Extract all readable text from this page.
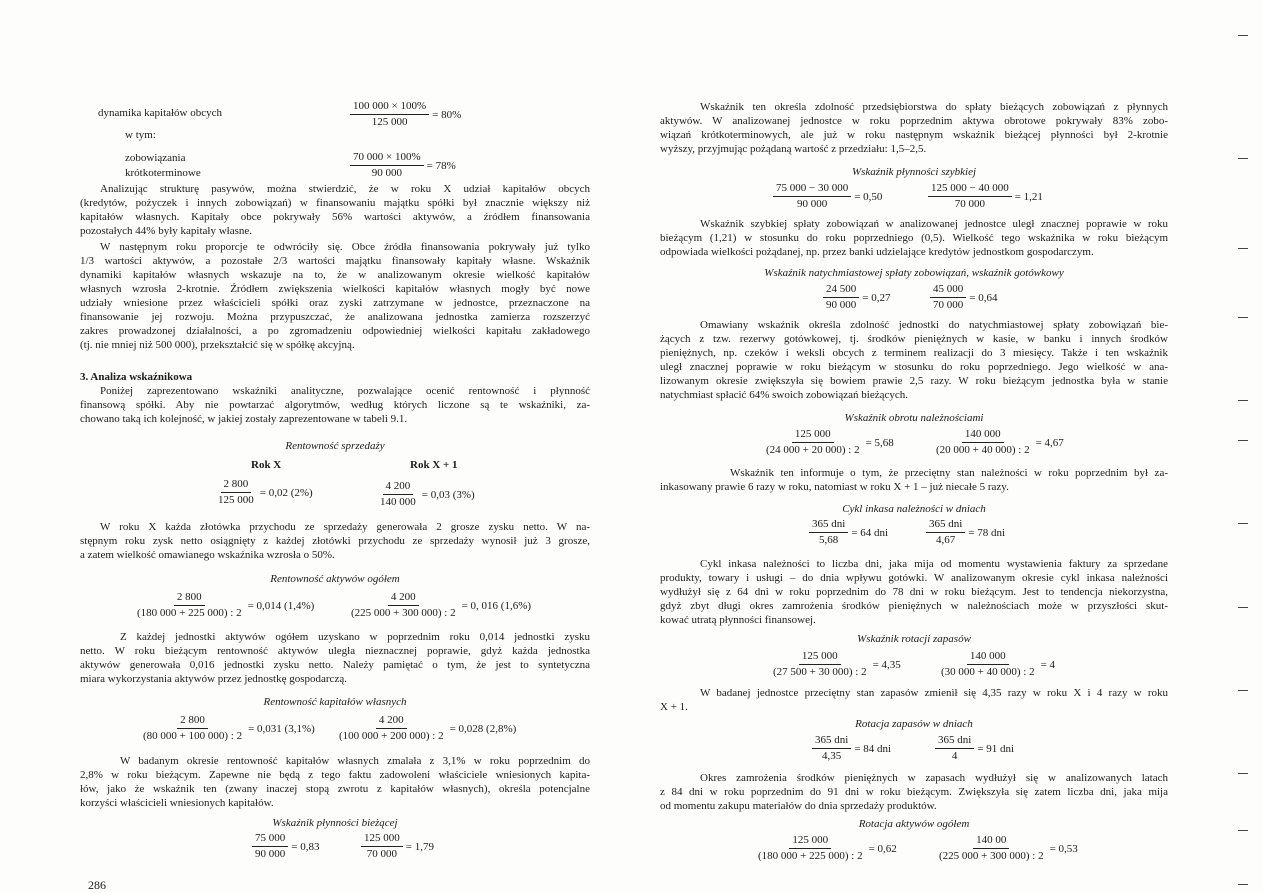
dynamika kapitałów obcych	$\frac{100 000 \times 100\%}{125 000} = 80\%$
w tym:
zobowiązania
krótkoterminowe	$\frac{70 000 \times 100\%}{90 000} = 78\%$
Analizując strukturę pasywów, można stwierdzić, że w roku X udział kapitałów obcych
(kredytów, pożyczek i innych zobowiązań) w finansowaniu majątku spółki był znacznie większy niż
kapitałów własnych. Kapitały obce pokrywały 56% wartości aktywów, a źródłem finansowania
pozostałych 44% były kapitały własne.
W następnym roku proporcje te odwróciły się. Obce źródła finansowania pokrywały już tylko
1/3 wartości aktywów, a pozostałe 2/3 wartości majątku finansowały kapitały własne. Wskaźnik
dynamiki kapitałów własnych wskazuje na to, że w analizowanym okresie wielkość kapitałów
własnych wzrosła 2-krotnie. Źródłem zwiększenia wielkości kapitałów własnych mogły być nowe
udziały wniesione przez właścicieli spółki oraz zyski zatrzymane w jednostce, przeznaczone na
finansowanie jej rozwoju. Można przypuszczać, że analizowana jednostka zamierza rozszerzyć
zakres prowadzonej działalności, a po zgromadzeniu odpowiedniej wielkości kapitału zakładowego
(tj. nie mniej niż 500 000), przekształcić się w spółkę akcyjną.
3. Analiza wskaźnikowa
Poniżej zaprezentowano wskaźniki analityczne, pozwalające ocenić rentowność i płynność
finansową spółki. Aby nie powtarzać algorytmów, według których liczone są te wskaźniki, za-
chowano taką ich kolejność, w jakiej zostały zaprezentowane w tabeli 9.1.
Rentowność sprzedaży
Rok X	Rok X + 1
$\frac{2 800}{125 000} = 0,02$ (2%)	$\frac{4 200}{140 000} = 0,03$ (3%)
W roku X każda złotówka przychodu ze sprzedaży generowała 2 grosze zysku netto. W na-
stępnym roku zysk netto osiągnięty z każdej złotówki przychodu ze sprzedaży wynosił już 3 grosze,
a zatem wielkość omawianego wskaźnika wzrosła o 50%.
Rentowność aktywów ogółem
$\frac{2 800}{(180 000 + 225 000) : 2} = 0,014$ (1,4%)	$\frac{4 200}{(225 000 + 300 000) : 2} = 0$, 016 (1,6%)
Z każdej jednostki aktywów ogółem uzyskano w poprzednim roku 0,014 jednostki zysku
netto. W roku bieżącym rentowność aktywów uległa nieznacznej poprawie, gdyż każda jednostka
aktywów generowała 0,016 jednostki zysku netto. Należy pamiętać o tym, że jest to syntetyczna
miara wykorzystania aktywów przez jednostkę gospodarczą.
Rentowność kapitałów własnych
$\frac{2 800}{(80 000 + 100 000) : 2} = 0,031$ $(3,1\%) \frac{4 200}{(100 000 + 200 000) : 2} = 0,028$ (2,8%)
W badanym okresie rentowność kapitałów własnych zmalała z 3,1% w roku poprzednim do
2,8% w roku bieżącym. Zapewne nie będą z tego faktu zadowoleni właściciele wniesionych kapita-
łów, jako że wskaźnik ten (zwany inaczej stopą zwrotu z kapitałów własnych), określa potencjalne
korzyści właścicieli wniesionych kapitałów.
Wskaźnik płynności bieżącej
$\frac{75 000}{90 000} = 0,83$	$\frac{125 000}{70 000} = 1,79$
286
Wskaźnik ten określa zdolność przedsiębiorstwa do spłaty bieżących zobowiązań z płynnych
aktywów. W analizowanej jednostce w roku poprzednim aktywa obrotowe pokrywały 83% zobo-
wiązań krótkoterminowych, ale już w roku następnym wskaźnik bieżącej płynności był 2-krotnie
wyższy, przyjmując pożądaną wartość z przedziału: 1,5–2,5.
Wskaźnik płynności szybkiej
$\frac{75 000 - 30 000}{90 000} = 0,50$	$\frac{125 000 - 40 000}{70 000} = 1,21$
Wskaźnik szybkiej spłaty zobowiązań w analizowanej jednostce uległ znacznej poprawie w roku
bieżącym (1,21) w stosunku do roku poprzedniego (0,5). Wielkość tego wskaźnika w roku bieżącym
odpowiada wielkości pożądanej, np. przez banki udzielające kredytów jednostkom gospodarczym.
Wskaźnik natychmiastowej spłaty zobowiązań, wskaźnik gotówkowy
$\frac{24 500}{90 000} = 0,27$	$\frac{45 000}{70 000} = 0,64$
Omawiany wskaźnik określa zdolność jednostki do natychmiastowej spłaty zobowiązań bie-
żących z tzw. rezerwy gotówkowej, tj. środków pieniężnych w kasie, w banku i innych środków
pieniężnych, np. czeków i weksli obcych z terminem realizacji do 3 miesięcy. Także i ten wskaźnik
uległ znacznej poprawie w roku bieżącym w stosunku do roku poprzedniego. Jego wielkość w ana-
lizowanym okresie zwiększyła się bowiem prawie 2,5 razy. W roku bieżącym jednostka była w stanie
natychmiast spłacić 64% swoich zobowiązań bieżących.
Wskaźnik obrotu należnościami
$\frac{125 000}{(24 000 + 20 000) : 2} = 5,68$	$\frac{140 000}{(20 000 + 40 000) : 2} = 4,67$
Wskaźnik ten informuje o tym, że przeciętny stan należności w roku poprzednim był za-
inkasowany prawie 6 razy w roku, natomiast w roku X + 1 – już niecałe 5 razy.
Cykl inkasa należności w dniach
365 dni
5,68
= 64 dni
365 dni
4,67
= 78 dni
Cykl inkasa należności to liczba dni, jaka mija od momentu wystawienia faktury za sprzedane
produkty, towary i usługi – do dnia wpływu gotówki. W analizowanym okresie cykl inkasa należności
wydłużył się z 64 dni w roku poprzednim do 78 dni w roku bieżącym. Jest to tendencja niekorzystna,
gdyż zbyt długi okres zamrożenia środków pieniężnych w należnościach może w przyszłości skut-
kować utratą płynności finansowej.
Wskaźnik rotacji zapasów
$\frac{125 000}{(27 500 + 30 000) : 2} = 4,35$	$\frac{140 000}{(30 000 + 40 000) : 2} = 4$
W badanej jednostce przeciętny stan zapasów zmienił się 4,35 razy w roku X i 4 razy w roku
X + 1.
Rotacja zapasów w dniach
365 dni
4,35
= 84 dni
365 dni
4
= 91 dni
Okres zamrożenia środków pieniężnych w zapasach wydłużył się w analizowanych latach
z 84 dni w roku poprzednim do 91 dni w roku bieżącym. Zwiększyła się zatem liczba dni, jaka mija
od momentu zakupu materiałów do dnia sprzedaży produktów.
Rotacja aktywów ogółem
$\frac{125 000}{(180 000 + 225 000) : 2} = 0,62$	$\frac{140 00}{(225 000 + 300 000) : 2} = 0,53$
